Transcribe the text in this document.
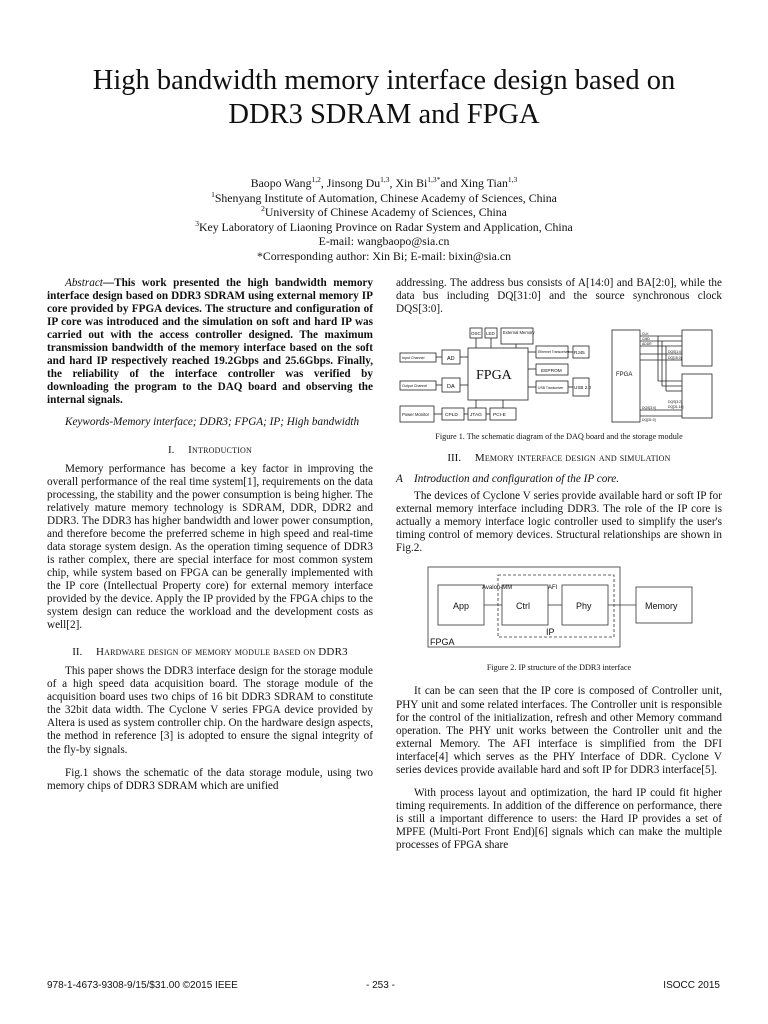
High bandwidth memory interface design based on
DDR3 SDRAM and FPGA
Baopo Wang$^{1,2}$, Jinsong Du$^{1,3}$, Xin $Bi^{1,3*}and$ Xing Tian$^{1,3}$
$^1$Shenyang Institute of Automation, Chinese Academy of Sciences, China
$^2$University of Chinese Academy of Sciences, China
$^3$Key Laboratory of Liaoning Province on Radar System and Application, China
E-mail: wangbaopo@sia.cn
*Corresponding author: Xin Bi; E-mail: bixin@sia.cn

Abstract—This work presented the high bandwidth memory interface design based on DDR3 SDRAM using external memory IP core provided by FPGA devices. The structure and configuration of IP core was introduced and the simulation on soft and hard IP was carried out with the access controller designed. The maximum transmission bandwidth of the memory interface based on the soft and hard IP respectively reached 19.2Gbps and 25.6Gbps. Finally, the reliability of the interface controller was verified by downloading the program to the DAQ board and observing the internal signals.

Keywords-Memory interface; DDR3; FPGA; IP; High bandwidth

I. Introduction

Memory performance has become a key factor in improving the overall performance of the real time system[1], requirements on the data processing, the stability and the power consumption is being higher. The relatively mature memory technology is SDRAM, DDR, DDR2 and DDR3. The DDR3 has higher bandwidth and lower power consumption, and therefore become the preferred scheme in high speed and real-time data storage system design. As the operation timing sequence of DDR3 is rather complex, there are special interface for most common system chip, while system based on FPGA can be generally implemented with the IP core (Intellectual Property core) for external memory interface provided by the device. Apply the IP provided by the FPGA chips to the system design can reduce the workload and the development costs as well[2].

II. Hardware design of memory module based on DDR3

This paper shows the DDR3 interface design for the storage module of a high speed data acquisition board. The storage module of the acquisition board uses two chips of 16 bit DDR3 SDRAM to constitute the 32bit data width. The Cyclone V series FPGA device provided by Altera is used as system controller chip. On the hardware design aspects, the method in reference [3] is adopted to ensure the signal integrity of the fly-by signals.

Fig.1 shows the schematic of the data storage module, using two memory chips of DDR3 SDRAM which are unified

addressing. The address bus consists of A[14:0] and BA[2:0], while the data bus including DQ[31:0] and the source synchronous clock DQS[3:0].

OSC LED External Memory
Input Channel	AD
Output Channel	DA
FPGA
Ethernet Transceiver RJ45
EEPROM
USB Transceiver USB 2.0
Power Monitor	CPLD	JTAG PCI-E
FPGA
CLK
CMD
ADDR
DQS[1:0]
DQ[15:0]
DQS[3:2]
DQ[31:16]
DQS[3:0]
DQ[31:0]
Figure 1. The schematic diagram of the DAQ board and the storage module
III. Memory interface design and simulation
A Introduction and configuration of the IP core.

The devices of Cyclone V series provide available hard or soft IP for external memory interface including DDR3. The role of the IP core is actually a memory interface logic controller used to simplify the user's timing control of memory devices. Structural relationships are shown in Fig.2.

App
Avalon-MM
Ctrl
AFI
Phy	Memory
FPGA
IP
Figure 2. IP structure of the DDR3 interface

It can be can seen that the IP core is composed of Controller unit, PHY unit and some related interfaces. The Controller unit is responsible for the control of the initialization, refresh and other Memory command operation. The PHY unit works between the Controller unit and the external Memory. The AFI interface is simplified from the DFI interface[4] which serves as the PHY Interface of DDR. Cyclone V series devices provide available hard and soft IP for DDR3 interface[5].

With process layout and optimization, the hard IP could fit higher timing requirements. In addition of the difference on performance, there is still a important difference to users: the Hard IP provides a set of MPFE (Multi-Port Front End)[6] signals which can make the multiple processes of FPGA share

978-1-4673-9308-9/15/$31.00 ©2015 IEEE	- 253 -	ISOCC 2015
